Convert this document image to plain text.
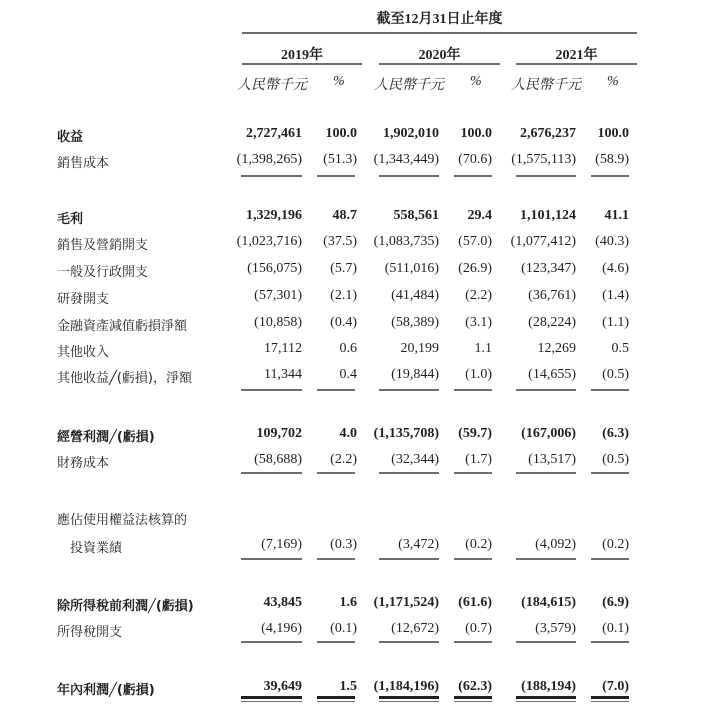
截至12月31日止年度
2019年	2020年	2021年
人民幣千元 % 人民幣千元 % 人民幣千元 %
收益	2,727,461	100.0	1,902,010	100.0	2,676,237	100.0
銷售成本	(1,398,265)	(51.3)	(1,343,449)	(70.6)	(1,575,113)	(58.9)
毛利	1,329,196	48.7	558,561	29.4	1,101,124	41.1
銷售及營銷開支	(1,023,716)	(37.5)	(1,083,735)	(57.0)	(1,077,412)	(40.3)
一般及行政開支	(156,075)	(5.7)	(511,016)	(26.9)	(123,347)	(4.6)
研發開支	(57,301)	(2.1)	(41,484)	(2.2)	(36,761)	(1.4)
金融資產減值虧損淨額	(10,858)	(0.4)	(58,389)	(3.1)	(28,224)	(1.1)
其他收入	17,112	0.6	20,199	1.1	12,269	0.5
其他收益╱(虧損)，淨額	11,344	0.4	(19,844)	(1.0)	(14,655)	(0.5)
經營利潤╱(虧損)	109,702	4.0	(1,135,708)	(59.7)	(167,006)	(6.3)
財務成本	(58,688)	(2.2)	(32,344)	(1.7)	(13,517)	(0.5)
應佔使用權益法核算的
投資業績	(7,169)	(0.3)	(3,472)	(0.2)	(4,092)	(0.2)
除所得稅前利潤╱(虧損)	43,845	1.6	(1,171,524)	(61.6)	(184,615)	(6.9)
所得稅開支	(4,196)	(0.1)	(12,672)	(0.7)	(3,579)	(0.1)
年內利潤╱(虧損)	39,649	1.5	(1,184,196)	(62.3)	(188,194)	(7.0)
